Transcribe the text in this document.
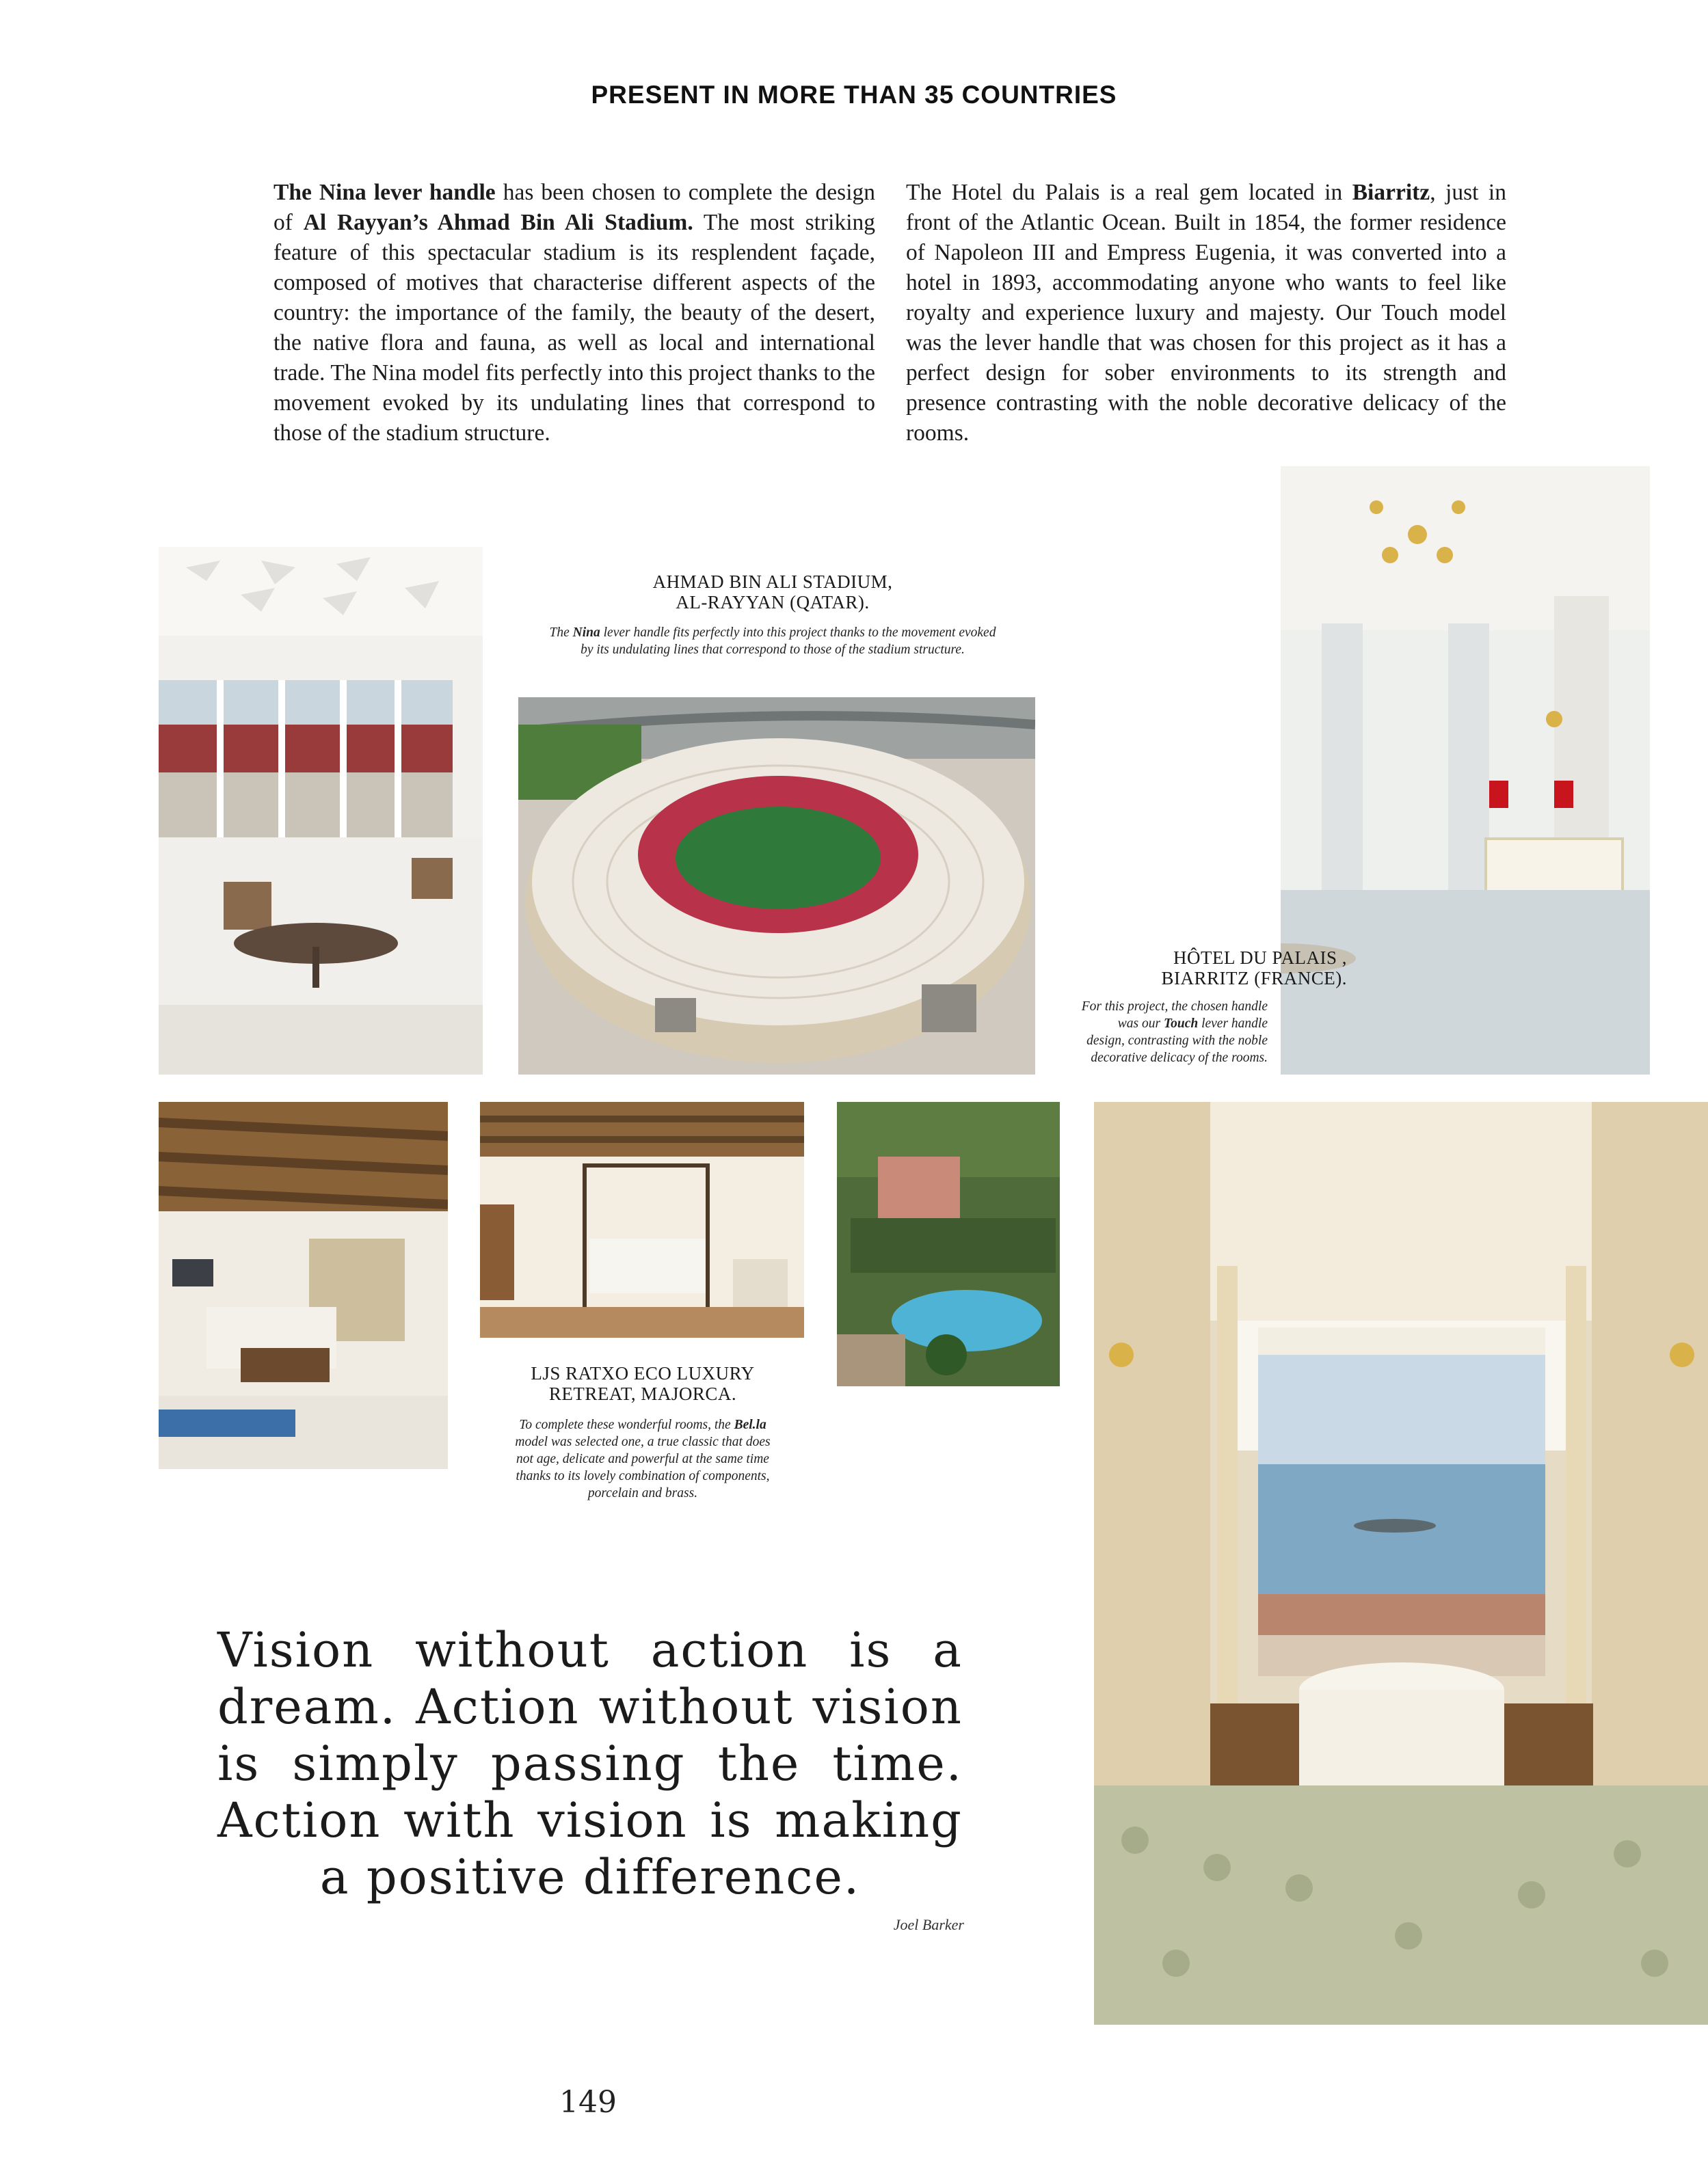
PRESENT IN MORE THAN 35 COUNTRIES
The Nina lever handle has been chosen to complete the design of Al Rayyan’s Ahmad Bin Ali Stadium. The most striking feature of this spectacular stadium is its resplendent façade, composed of motives that characterise different aspects of the country: the importance of the family, the beauty of the desert, the native flora and fauna, as well as local and international trade. The Nina model fits perfectly into this project thanks to the movement evoked by its undulating lines that correspond to those of the stadium structure.
The Hotel du Palais is a real gem located in Biarritz, just in front of the Atlantic Ocean. Built in 1854, the former residence of Napoleon III and Empress Eugenia, it was converted into a hotel in 1893, accommodating anyone who wants to feel like royalty and experience luxury and majesty. Our Touch model was the lever handle that was chosen for this project as it has a perfect design for sober environments to its strength and presence contrasting with the noble decorative delicacy of the rooms.
AHMAD BIN ALI STADIUM,
AL-RAYYAN (QATAR).
The Nina lever handle fits perfectly into this project thanks to the movement evoked by its undulating lines that correspond to those of the stadium structure.
HÔTEL DU PALAIS ,
BIARRITZ (FRANCE).
For this project, the chosen handle was our Touch lever handle design, contrasting with the noble decorative delicacy of the rooms.
LJS RATXO ECO LUXURY
RETREAT, MAJORCA.
To complete these wonderful rooms, the Bel.la model was selected one, a true classic that does not age, delicate and powerful at the same time thanks to its lovely combination of components, porcelain and brass.
Vision without action is a dream. Action without vision is simply passing the time. Action with vision is making a positive difference.
Joel Barker
149
